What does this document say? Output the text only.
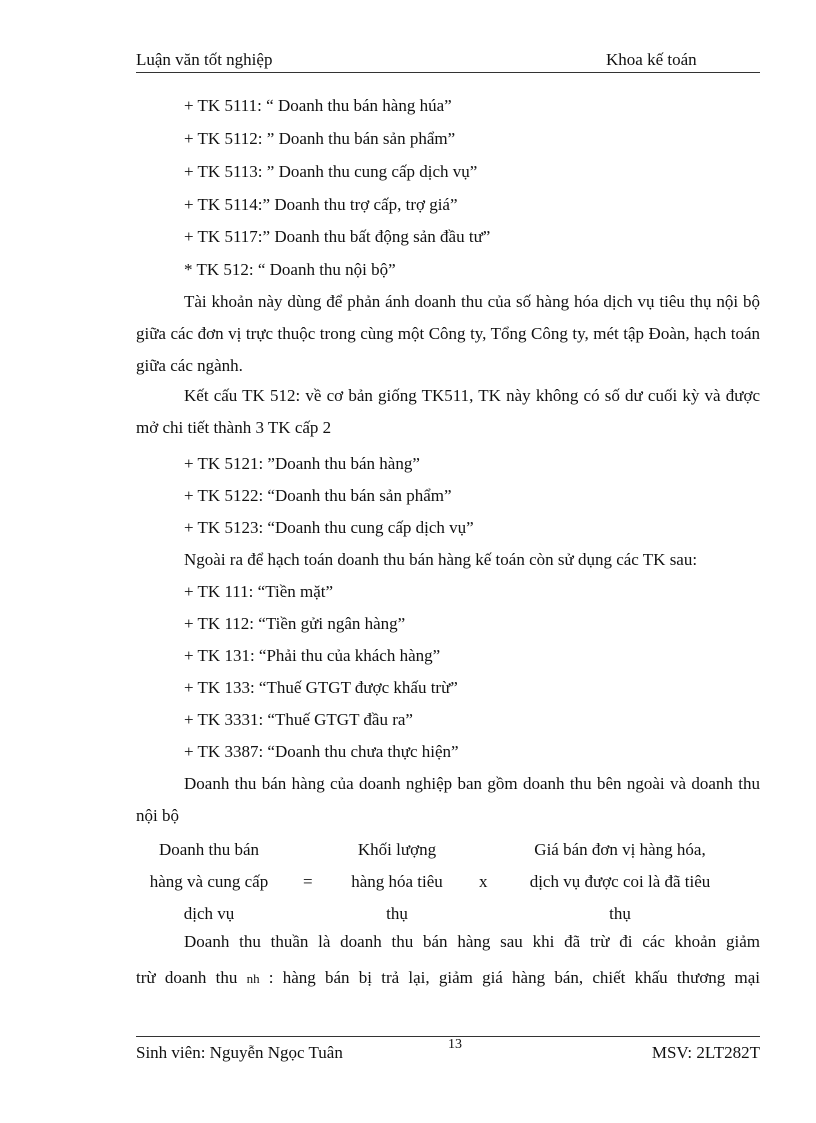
Luận văn tốt nghiệp	Khoa kế toán
+ TK 5111: “ Doanh thu bán hàng húa”
+ TK 5112: ” Doanh thu bán sản phẩm”
+ TK 5113: ” Doanh thu cung cấp dịch vụ”
+ TK 5114:” Doanh thu trợ cấp, trợ giá”
+ TK 5117:” Doanh thu bất động sản đầu tư”
* TK 512: “ Doanh thu nội bộ”
Tài khoản này dùng để phản ánh doanh thu của số hàng hóa dịch vụ tiêu thụ nội bộ giữa các đơn vị trực thuộc trong cùng một Công ty, Tổng Công ty, mét tập Đoàn, hạch toán giữa các ngành.
Kết cấu TK 512: về cơ bản giống TK511, TK này không có số dư cuối kỳ và được mở chi tiết thành 3 TK cấp 2
+ TK 5121: ”Doanh thu bán hàng”
+ TK 5122: “Doanh thu bán sản phẩm”
+ TK 5123: “Doanh thu cung cấp dịch vụ”
Ngoài ra để hạch toán doanh thu bán hàng kế toán còn sử dụng các TK sau:
+ TK 111: “Tiền mặt”
+ TK 112: “Tiền gửi ngân hàng”
+ TK 131: “Phải thu của khách hàng”
+ TK 133: “Thuế GTGT được khấu trừ”
+ TK 3331: “Thuế GTGT đầu ra”
+ TK 3387: “Doanh thu chưa thực hiện”
Doanh thu bán hàng của doanh nghiệp ban gồm doanh thu bên ngoài và doanh thu nội bộ
Doanh thu bán
hàng và cung cấp
dịch vụ
=
Khối lượng
hàng hóa tiêu
thụ
x
Giá bán đơn vị hàng hóa,
dịch vụ được coi là đã tiêu
thụ
Doanh thu thuần là doanh thu bán hàng sau khi đã trừ đi các khoản giảm
trừ doanh thu nh : hàng bán bị trả lại, giảm giá hàng bán, chiết khấu thương mại
Sinh viên: Nguyễn Ngọc Tuân	13	MSV: 2LT282T
